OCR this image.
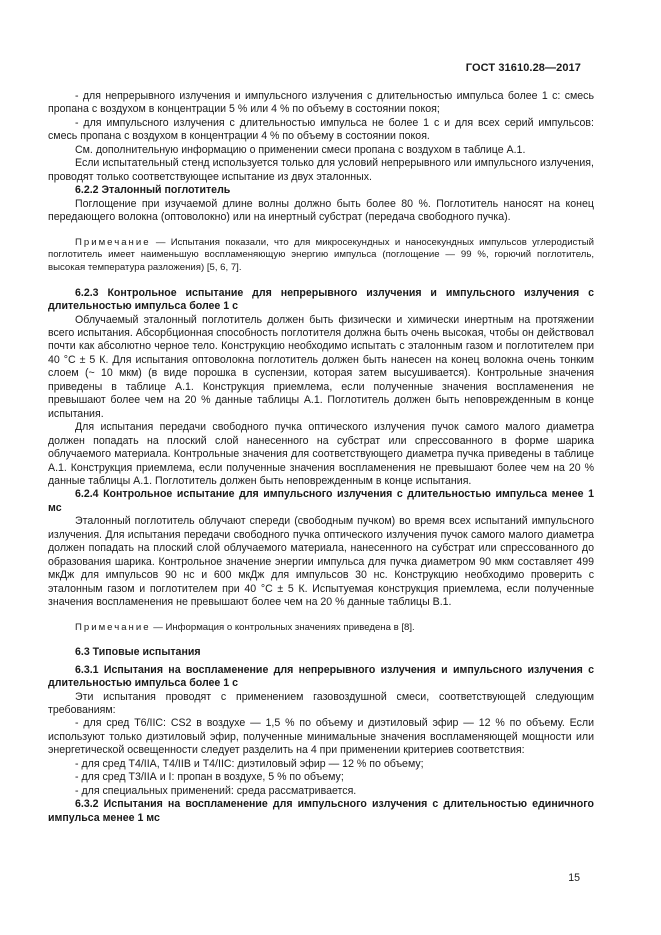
ГОСТ 31610.28—2017

- для непрерывного излучения и импульсного излучения с длительностью импульса более 1 с: смесь пропана с воздухом в концентрации 5 % или 4 % по объему в состоянии покоя;

- для импульсного излучения с длительностью импульса не более 1 с и для всех серий импульсов: смесь пропана с воздухом в концентрации 4 % по объему в состоянии покоя.

См. дополнительную информацию о применении смеси пропана с воздухом в таблице А.1.

Если испытательный стенд используется только для условий непрерывного или импульсного излучения, проводят только соответствующее испытание из двух эталонных.

6.2.2 Эталонный поглотитель

Поглощение при изучаемой длине волны должно быть более 80 %. Поглотитель наносят на конец передающего волокна (оптоволокно) или на инертный субстрат (передача свободного пучка).

Примечание — Испытания показали, что для микросекундных и наносекундных импульсов углеродистый поглотитель имеет наименьшую воспламеняющую энергию импульса (поглощение — 99 %, горючий поглотитель, высокая температура разложения) [5, 6, 7].

6.2.3 Контрольное испытание для непрерывного излучения и импульсного излучения с длительностью импульса более 1 с

Облучаемый эталонный поглотитель должен быть физически и химически инертным на протяжении всего испытания. Абсорбционная способность поглотителя должна быть очень высокая, чтобы он действовал почти как абсолютно черное тело. Конструкцию необходимо испытать с эталонным газом и поглотителем при 40 °С ± 5 К. Для испытания оптоволокна поглотитель должен быть нанесен на конец волокна очень тонким слоем (~ 10 мкм) (в виде порошка в суспензии, которая затем высушивается). Контрольные значения приведены в таблице А.1. Конструкция приемлема, если полученные значения воспламенения не превышают более чем на 20 % данные таблицы А.1. Поглотитель должен быть неповрежденным в конце испытания.

Для испытания передачи свободного пучка оптического излучения пучок самого малого диаметра должен попадать на плоский слой нанесенного на субстрат или спрессованного в форме шарика облучаемого материала. Контрольные значения для соответствующего диаметра пучка приведены в таблице А.1. Конструкция приемлема, если полученные значения воспламенения не превышают более чем на 20 % данные таблицы А.1. Поглотитель должен быть неповрежденным в конце испытания.

6.2.4 Контрольное испытание для импульсного излучения с длительностью импульса менее 1 мс

Эталонный поглотитель облучают спереди (свободным пучком) во время всех испытаний импульсного излучения. Для испытания передачи свободного пучка оптического излучения пучок самого малого диаметра должен попадать на плоский слой облучаемого материала, нанесенного на субстрат или спрессованного до образования шарика. Контрольное значение энергии импульса для пучка диаметром 90 мкм составляет 499 мкДж для импульсов 90 нс и 600 мкДж для импульсов 30 нс. Конструкцию необходимо проверить с эталонным газом и поглотителем при 40 °С ± 5 К. Испытуемая конструкция приемлема, если полученные значения воспламенения не превышают более чем на 20 % данные таблицы В.1.

Примечание — Информация о контрольных значениях приведена в [8].

6.3 Типовые испытания

6.3.1 Испытания на воспламенение для непрерывного излучения и импульсного излучения с длительностью импульса более 1 с

Эти испытания проводят с применением газовоздушной смеси, соответствующей следующим требованиям:

- для сред Т6/IIС: CS2 в воздухе — 1,5 % по объему и диэтиловый эфир — 12 % по объему. Если используют только диэтиловый эфир, полученные минимальные значения воспламеняющей мощности или энергетической освещенности следует разделить на 4 при применении критериев соответствия:

- для сред Т4/IIА, Т4/IIВ и Т4/IIС: диэтиловый эфир — 12 % по объему;

- для сред Т3/IIА и I: пропан в воздухе, 5 % по объему;

- для специальных применений: среда рассматривается.

6.3.2 Испытания на воспламенение для импульсного излучения с длительностью единичного импульса менее 1 мс

15
